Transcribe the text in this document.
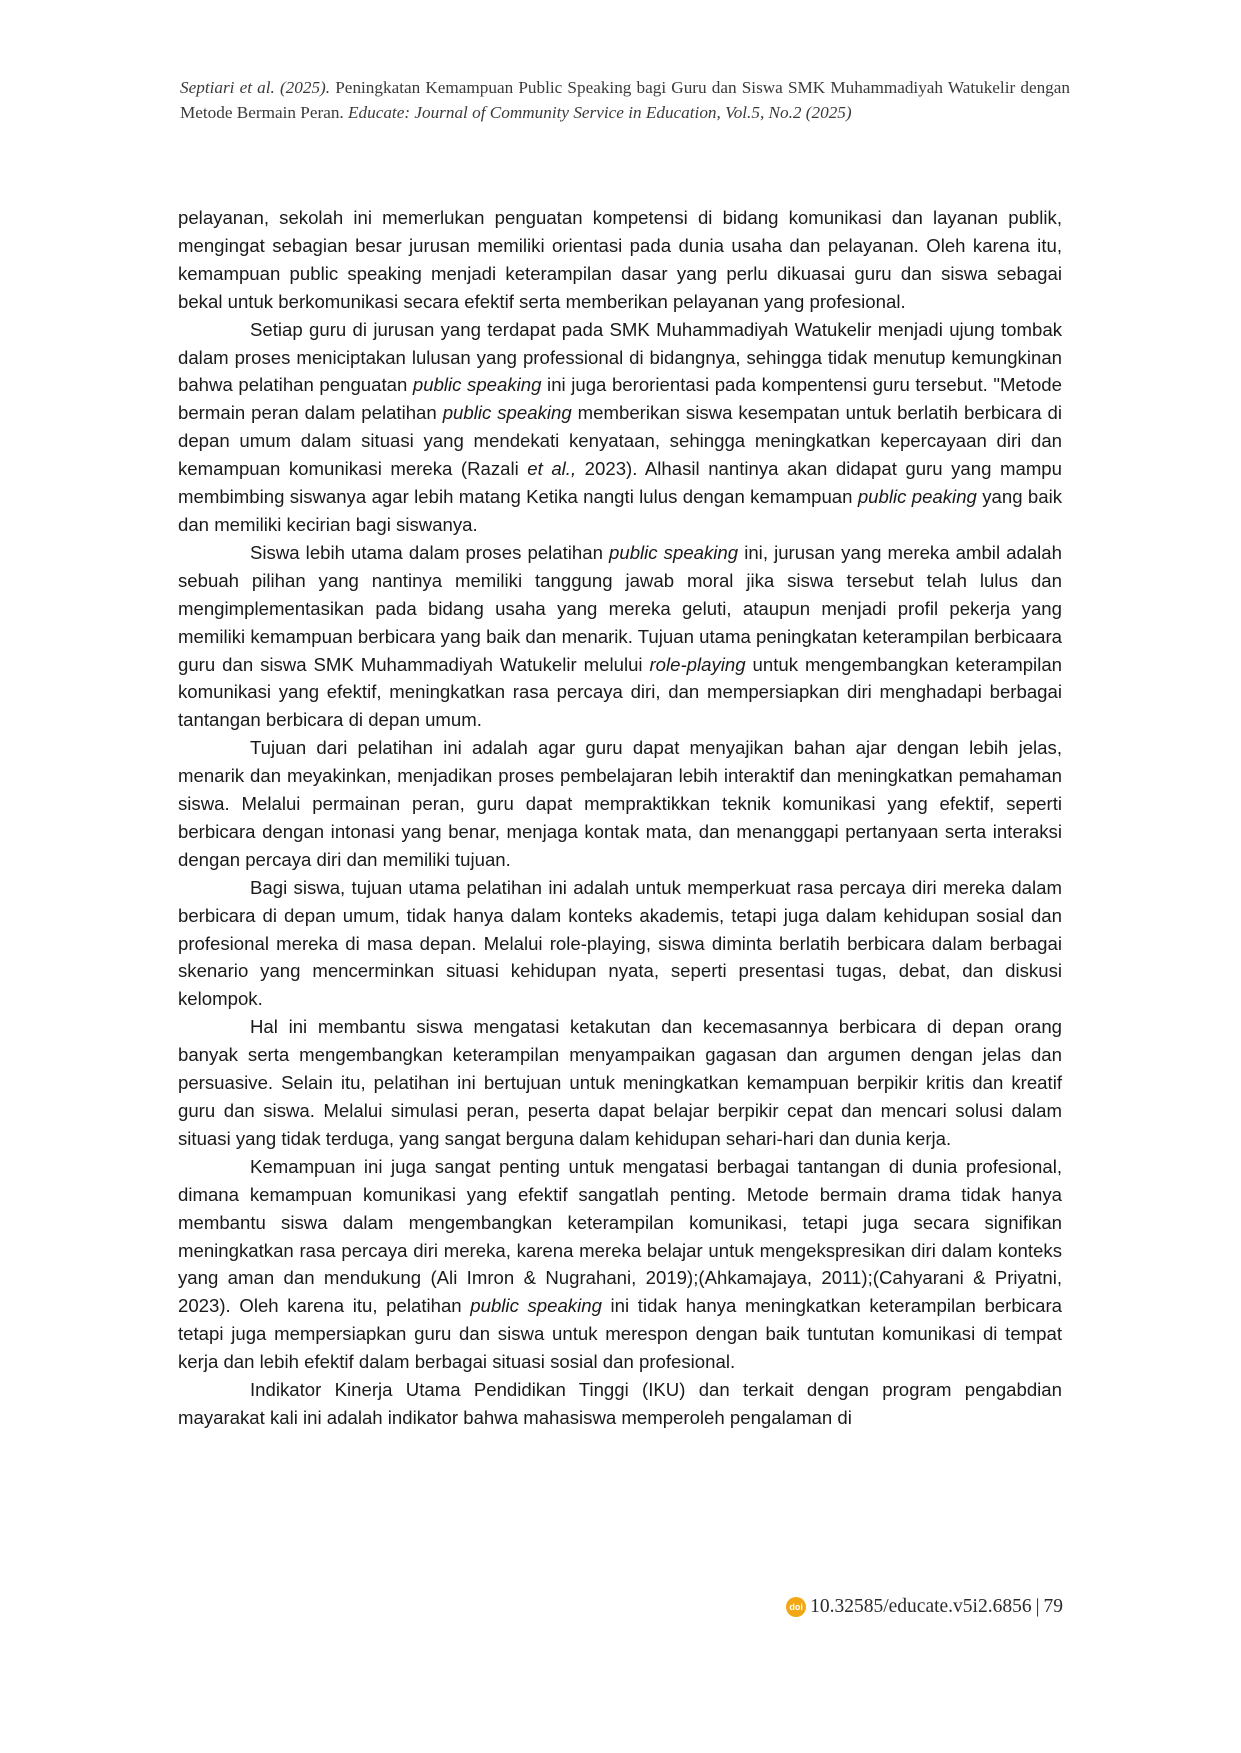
Septiari et al. (2025). Peningkatan Kemampuan Public Speaking bagi Guru dan Siswa SMK Muhammadiyah Watukelir dengan Metode Bermain Peran. Educate: Journal of Community Service in Education, Vol.5, No.2 (2025)

pelayanan, sekolah ini memerlukan penguatan kompetensi di bidang komunikasi dan layanan publik, mengingat sebagian besar jurusan memiliki orientasi pada dunia usaha dan pelayanan. Oleh karena itu, kemampuan public speaking menjadi keterampilan dasar yang perlu dikuasai guru dan siswa sebagai bekal untuk berkomunikasi secara efektif serta memberikan pelayanan yang profesional.

Setiap guru di jurusan yang terdapat pada SMK Muhammadiyah Watukelir menjadi ujung tombak dalam proses meniciptakan lulusan yang professional di bidangnya, sehingga tidak menutup kemungkinan bahwa pelatihan penguatan public speaking ini juga berorientasi pada kompentensi guru tersebut. "Metode bermain peran dalam pelatihan public speaking memberikan siswa kesempatan untuk berlatih berbicara di depan umum dalam situasi yang mendekati kenyataan, sehingga meningkatkan kepercayaan diri dan kemampuan komunikasi mereka (Razali et al., 2023). Alhasil nantinya akan didapat guru yang mampu membimbing siswanya agar lebih matang Ketika nangti lulus dengan kemampuan public peaking yang baik dan memiliki kecirian bagi siswanya.

Siswa lebih utama dalam proses pelatihan public speaking ini, jurusan yang mereka ambil adalah sebuah pilihan yang nantinya memiliki tanggung jawab moral jika siswa tersebut telah lulus dan mengimplementasikan pada bidang usaha yang mereka geluti, ataupun menjadi profil pekerja yang memiliki kemampuan berbicara yang baik dan menarik. Tujuan utama peningkatan keterampilan berbicaara guru dan siswa SMK Muhammadiyah Watukelir melului role-playing untuk mengembangkan keterampilan komunikasi yang efektif, meningkatkan rasa percaya diri, dan mempersiapkan diri menghadapi berbagai tantangan berbicara di depan umum.

Tujuan dari pelatihan ini adalah agar guru dapat menyajikan bahan ajar dengan lebih jelas, menarik dan meyakinkan, menjadikan proses pembelajaran lebih interaktif dan meningkatkan pemahaman siswa. Melalui permainan peran, guru dapat mempraktikkan teknik komunikasi yang efektif, seperti berbicara dengan intonasi yang benar, menjaga kontak mata, dan menanggapi pertanyaan serta interaksi dengan percaya diri dan memiliki tujuan.

Bagi siswa, tujuan utama pelatihan ini adalah untuk memperkuat rasa percaya diri mereka dalam berbicara di depan umum, tidak hanya dalam konteks akademis, tetapi juga dalam kehidupan sosial dan profesional mereka di masa depan. Melalui role-playing, siswa diminta berlatih berbicara dalam berbagai skenario yang mencerminkan situasi kehidupan nyata, seperti presentasi tugas, debat, dan diskusi kelompok.

Hal ini membantu siswa mengatasi ketakutan dan kecemasannya berbicara di depan orang banyak serta mengembangkan keterampilan menyampaikan gagasan dan argumen dengan jelas dan persuasive. Selain itu, pelatihan ini bertujuan untuk meningkatkan kemampuan berpikir kritis dan kreatif guru dan siswa. Melalui simulasi peran, peserta dapat belajar berpikir cepat dan mencari solusi dalam situasi yang tidak terduga, yang sangat berguna dalam kehidupan sehari-hari dan dunia kerja.

Kemampuan ini juga sangat penting untuk mengatasi berbagai tantangan di dunia profesional, dimana kemampuan komunikasi yang efektif sangatlah penting. Metode bermain drama tidak hanya membantu siswa dalam mengembangkan keterampilan komunikasi, tetapi juga secara signifikan meningkatkan rasa percaya diri mereka, karena mereka belajar untuk mengekspresikan diri dalam konteks yang aman dan mendukung (Ali Imron & Nugrahani, 2019);(Ahkamajaya, 2011);(Cahyarani & Priyatni, 2023). Oleh karena itu, pelatihan public speaking ini tidak hanya meningkatkan keterampilan berbicara tetapi juga mempersiapkan guru dan siswa untuk merespon dengan baik tuntutan komunikasi di tempat kerja dan lebih efektif dalam berbagai situasi sosial dan profesional.

Indikator Kinerja Utama Pendidikan Tinggi (IKU) dan terkait dengan program pengabdian mayarakat kali ini adalah indikator bahwa mahasiswa memperoleh pengalaman di

doi 10.32585/educate.v5i2.6856 | 79
